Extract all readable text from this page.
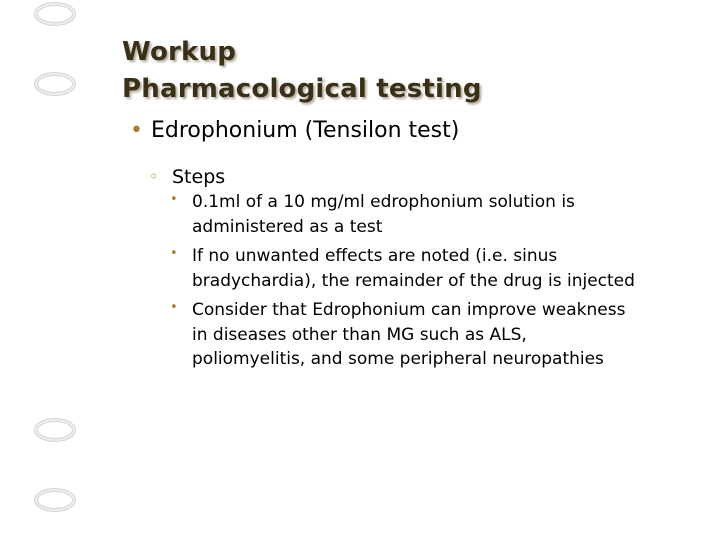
Workup
Pharmacological testing
• Edrophonium (Tensilon test)
◦ Steps
• 0.1ml of a 10 mg/ml edrophonium solution is
administered as a test
• If no unwanted effects are noted (i.e. sinus
bradychardia), the remainder of the drug is injected
• Consider that Edrophonium can improve weakness
in diseases other than MG such as ALS,
poliomyelitis, and some peripheral neuropathies
